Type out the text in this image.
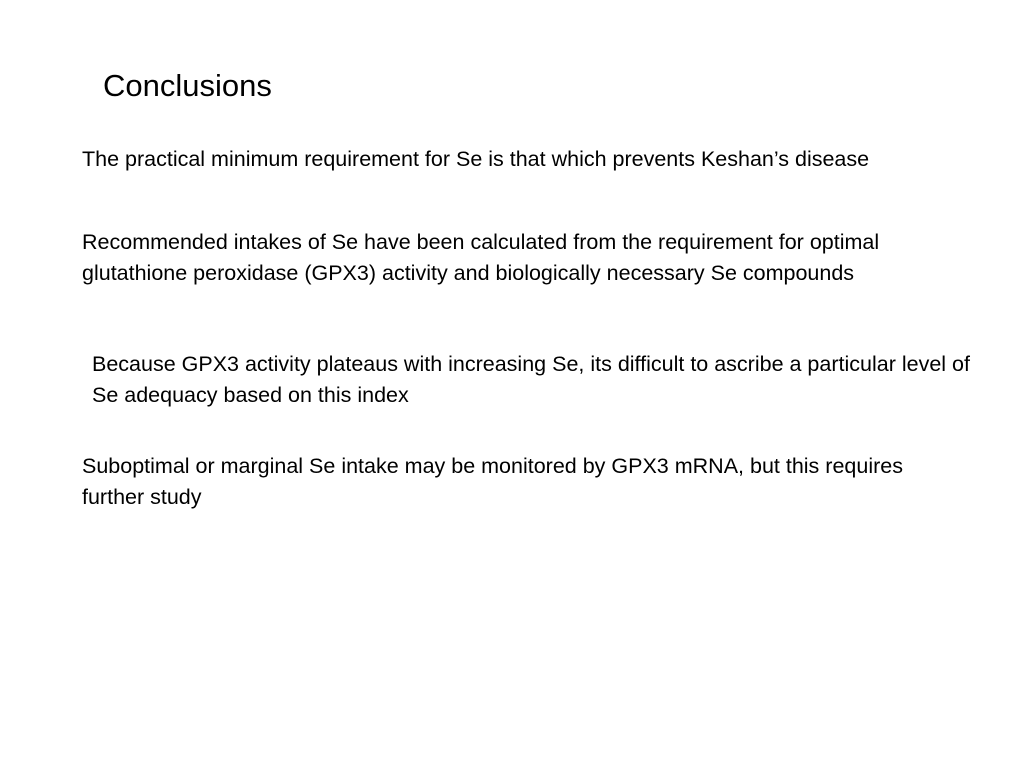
Conclusions

The practical minimum requirement for Se is that which prevents Keshan’s disease

Recommended intakes of Se have been calculated from the requirement for optimal glutathione peroxidase (GPX3) activity and biologically necessary Se compounds

Because GPX3 activity plateaus with increasing Se, its difficult to ascribe a particular level of Se adequacy based on this index

Suboptimal or marginal Se intake may be monitored by GPX3 mRNA, but this requires further study
